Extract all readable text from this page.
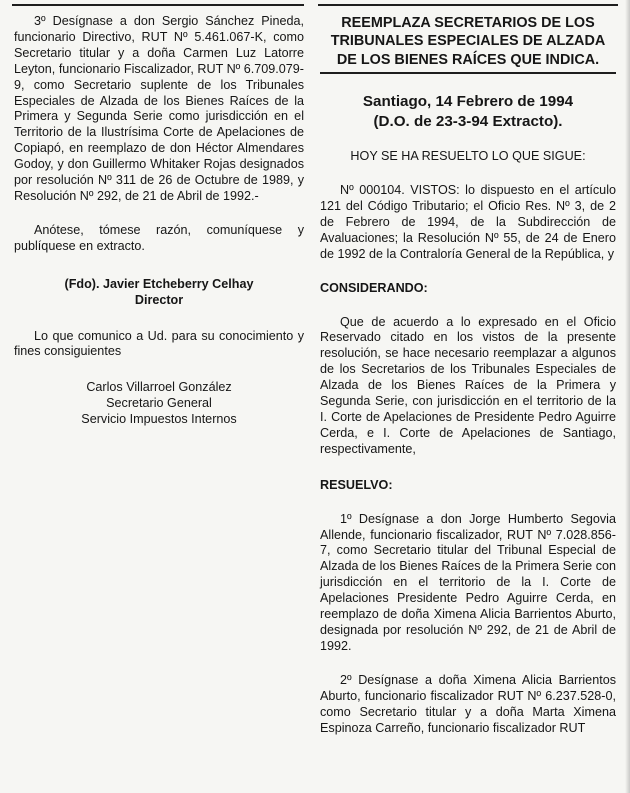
3º Desígnase a don Sergio Sánchez Pineda, funcionario Directivo, RUT Nº 5.461.067-K, como Secretario titular y a doña Carmen Luz Latorre Leyton, funcionario Fiscalizador, RUT Nº 6.709.079-9, como Secretario suplente de los Tribunales Especiales de Alzada de los Bienes Raíces de la Primera y Segunda Serie como jurisdicción en el Territorio de la Ilustrísima Corte de Apelaciones de Copiapó, en reemplazo de don Héctor Almendares Godoy, y don Guillermo Whitaker Rojas designados por resolución Nº 311 de 26 de Octubre de 1989, y Resolución Nº 292, de 21 de Abril de 1992.-

Anótese, tómese razón, comuníquese y publíquese en extracto.

(Fdo). Javier Etcheberry Celhay

Director

Lo que comunico a Ud. para su conocimiento y fines consiguientes

Carlos Villarroel González
Secretario General
Servicio Impuestos Internos

REEMPLAZA SECRETARIOS DE LOS TRIBUNALES ESPECIALES DE ALZADA DE LOS BIENES RAÍCES QUE INDICA.

Santiago, 14 Febrero de 1994

(D.O. de 23-3-94 Extracto).

HOY SE HA RESUELTO LO QUE SIGUE:

Nº 000104. VISTOS: lo dispuesto en el artículo 121 del Código Tributario; el Oficio Res. Nº 3, de 2 de Febrero de 1994, de la Subdirección de Avaluaciones; la Resolución Nº 55, de 24 de Enero de 1992 de la Contraloría General de la República, y

CONSIDERANDO:

Que de acuerdo a lo expresado en el Oficio Reservado citado en los vistos de la presente resolución, se hace necesario reemplazar a algunos de los Secretarios de los Tribunales Especiales de Alzada de los Bienes Raíces de la Primera y Segunda Serie, con jurisdicción en el territorio de la I. Corte de Apelaciones de Presidente Pedro Aguirre Cerda, e I. Corte de Apelaciones de Santiago, respectivamente,

RESUELVO:

1º Desígnase a don Jorge Humberto Segovia Allende, funcionario fiscalizador, RUT Nº 7.028.856-7, como Secretario titular del Tribunal Especial de Alzada de los Bienes Raíces de la Primera Serie con jurisdicción en el territorio de la I. Corte de Apelaciones Presidente Pedro Aguirre Cerda, en reemplazo de doña Ximena Alicia Barrientos Aburto, designada por resolución Nº 292, de 21 de Abril de 1992.

2º Desígnase a doña Ximena Alicia Barrientos Aburto, funcionario fiscalizador RUT Nº 6.237.528-0, como Secretario titular y a doña Marta Ximena Espinoza Carreño, funcionario fiscalizador RUT
